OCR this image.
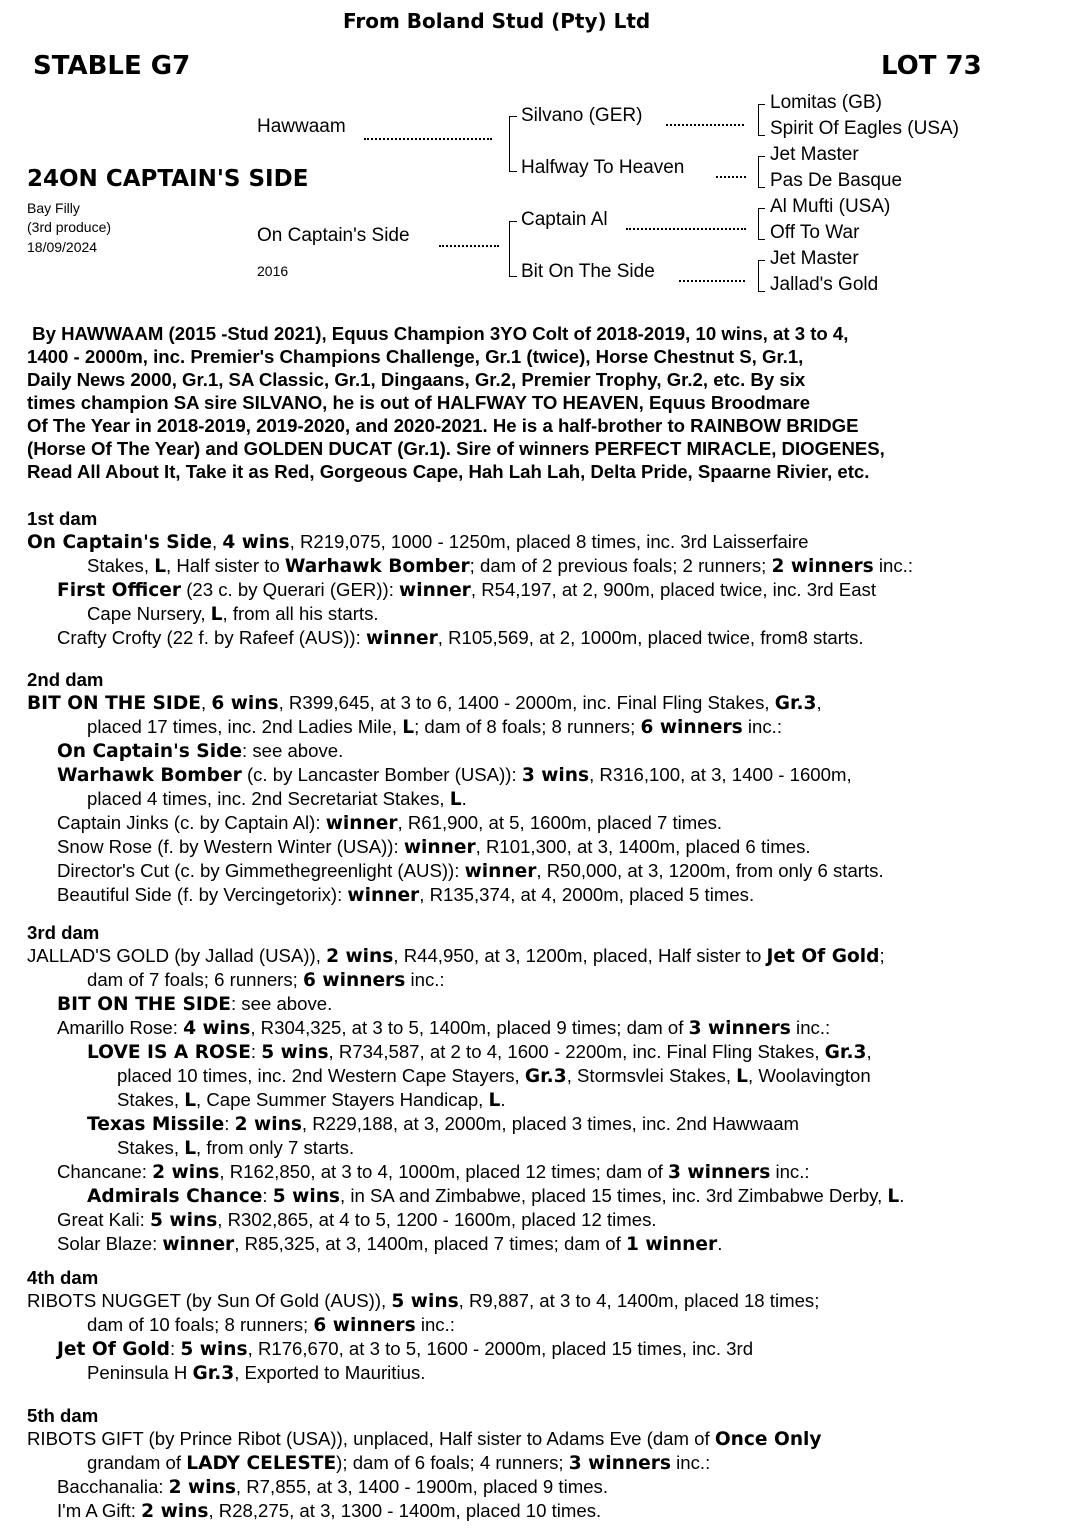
From Boland Stud (Pty) Ltd
STABLE G7	LOT 73
24ON CAPTAIN'S SIDE
Bay Filly
(3rd produce)
18/09/2024
Hawwaam
On Captain's Side
2016
Silvano (GER)
Halfway To Heaven
Captain Al
Bit On The Side
Lomitas (GB)
Spirit Of Eagles (USA)
Jet Master
Pas De Basque
Al Mufti (USA)
Off To War
Jet Master
Jallad's Gold
By HAWWAAM (2015 -Stud 2021), Equus Champion 3YO Colt of 2018-2019, 10 wins, at 3 to 4,
1400 - 2000m, inc. Premier's Champions Challenge, Gr.1 (twice), Horse Chestnut S, Gr.1,
Daily News 2000, Gr.1, SA Classic, Gr.1, Dingaans, Gr.2, Premier Trophy, Gr.2, etc. By six
times champion SA sire SILVANO, he is out of HALFWAY TO HEAVEN, Equus Broodmare
Of The Year in 2018-2019, 2019-2020, and 2020-2021. He is a half-brother to RAINBOW BRIDGE
(Horse Of The Year) and GOLDEN DUCAT (Gr.1). Sire of winners PERFECT MIRACLE, DIOGENES,
Read All About It, Take it as Red, Gorgeous Cape, Hah Lah Lah, Delta Pride, Spaarne Rivier, etc.
1st dam
On Captain's Side, 4 wins, R219,075, 1000 - 1250m, placed 8 times, inc. 3rd Laisserfaire
Stakes, L, Half sister to Warhawk Bomber; dam of 2 previous foals; 2 runners; 2 winners inc.:
First Officer (23 c. by Querari (GER)): winner, R54,197, at 2, 900m, placed twice, inc. 3rd East
Cape Nursery, L, from all his starts.
Crafty Crofty (22 f. by Rafeef (AUS)): winner, R105,569, at 2, 1000m, placed twice, from8 starts.
2nd dam
BIT ON THE SIDE, 6 wins, R399,645, at 3 to 6, 1400 - 2000m, inc. Final Fling Stakes, Gr.3,
placed 17 times, inc. 2nd Ladies Mile, L; dam of 8 foals; 8 runners; 6 winners inc.:
On Captain's Side: see above.
Warhawk Bomber (c. by Lancaster Bomber (USA)): 3 wins, R316,100, at 3, 1400 - 1600m,
placed 4 times, inc. 2nd Secretariat Stakes, L.
Captain Jinks (c. by Captain Al): winner, R61,900, at 5, 1600m, placed 7 times.
Snow Rose (f. by Western Winter (USA)): winner, R101,300, at 3, 1400m, placed 6 times.
Director's Cut (c. by Gimmethegreenlight (AUS)): winner, R50,000, at 3, 1200m, from only 6 starts.
Beautiful Side (f. by Vercingetorix): winner, R135,374, at 4, 2000m, placed 5 times.
3rd dam
JALLAD'S GOLD (by Jallad (USA)), 2 wins, R44,950, at 3, 1200m, placed, Half sister to Jet Of Gold;
dam of 7 foals; 6 runners; 6 winners inc.:
BIT ON THE SIDE: see above.
Amarillo Rose: 4 wins, R304,325, at 3 to 5, 1400m, placed 9 times; dam of 3 winners inc.:
LOVE IS A ROSE: 5 wins, R734,587, at 2 to 4, 1600 - 2200m, inc. Final Fling Stakes, Gr.3,
placed 10 times, inc. 2nd Western Cape Stayers, Gr.3, Stormsvlei Stakes, L, Woolavington
Stakes, L, Cape Summer Stayers Handicap, L.
Texas Missile: 2 wins, R229,188, at 3, 2000m, placed 3 times, inc. 2nd Hawwaam
Stakes, L, from only 7 starts.
Chancane: 2 wins, R162,850, at 3 to 4, 1000m, placed 12 times; dam of 3 winners inc.:
Admirals Chance: 5 wins, in SA and Zimbabwe, placed 15 times, inc. 3rd Zimbabwe Derby, L.
Great Kali: 5 wins, R302,865, at 4 to 5, 1200 - 1600m, placed 12 times.
Solar Blaze: winner, R85,325, at 3, 1400m, placed 7 times; dam of 1 winner.
4th dam
RIBOTS NUGGET (by Sun Of Gold (AUS)), 5 wins, R9,887, at 3 to 4, 1400m, placed 18 times;
dam of 10 foals; 8 runners; 6 winners inc.:
Jet Of Gold: 5 wins, R176,670, at 3 to 5, 1600 - 2000m, placed 15 times, inc. 3rd
Peninsula H Gr.3, Exported to Mauritius.
5th dam
RIBOTS GIFT (by Prince Ribot (USA)), unplaced, Half sister to Adams Eve (dam of Once Only
grandam of LADY CELESTE); dam of 6 foals; 4 runners; 3 winners inc.:
Bacchanalia: 2 wins, R7,855, at 3, 1400 - 1900m, placed 9 times.
I'm A Gift: 2 wins, R28,275, at 3, 1300 - 1400m, placed 10 times.
